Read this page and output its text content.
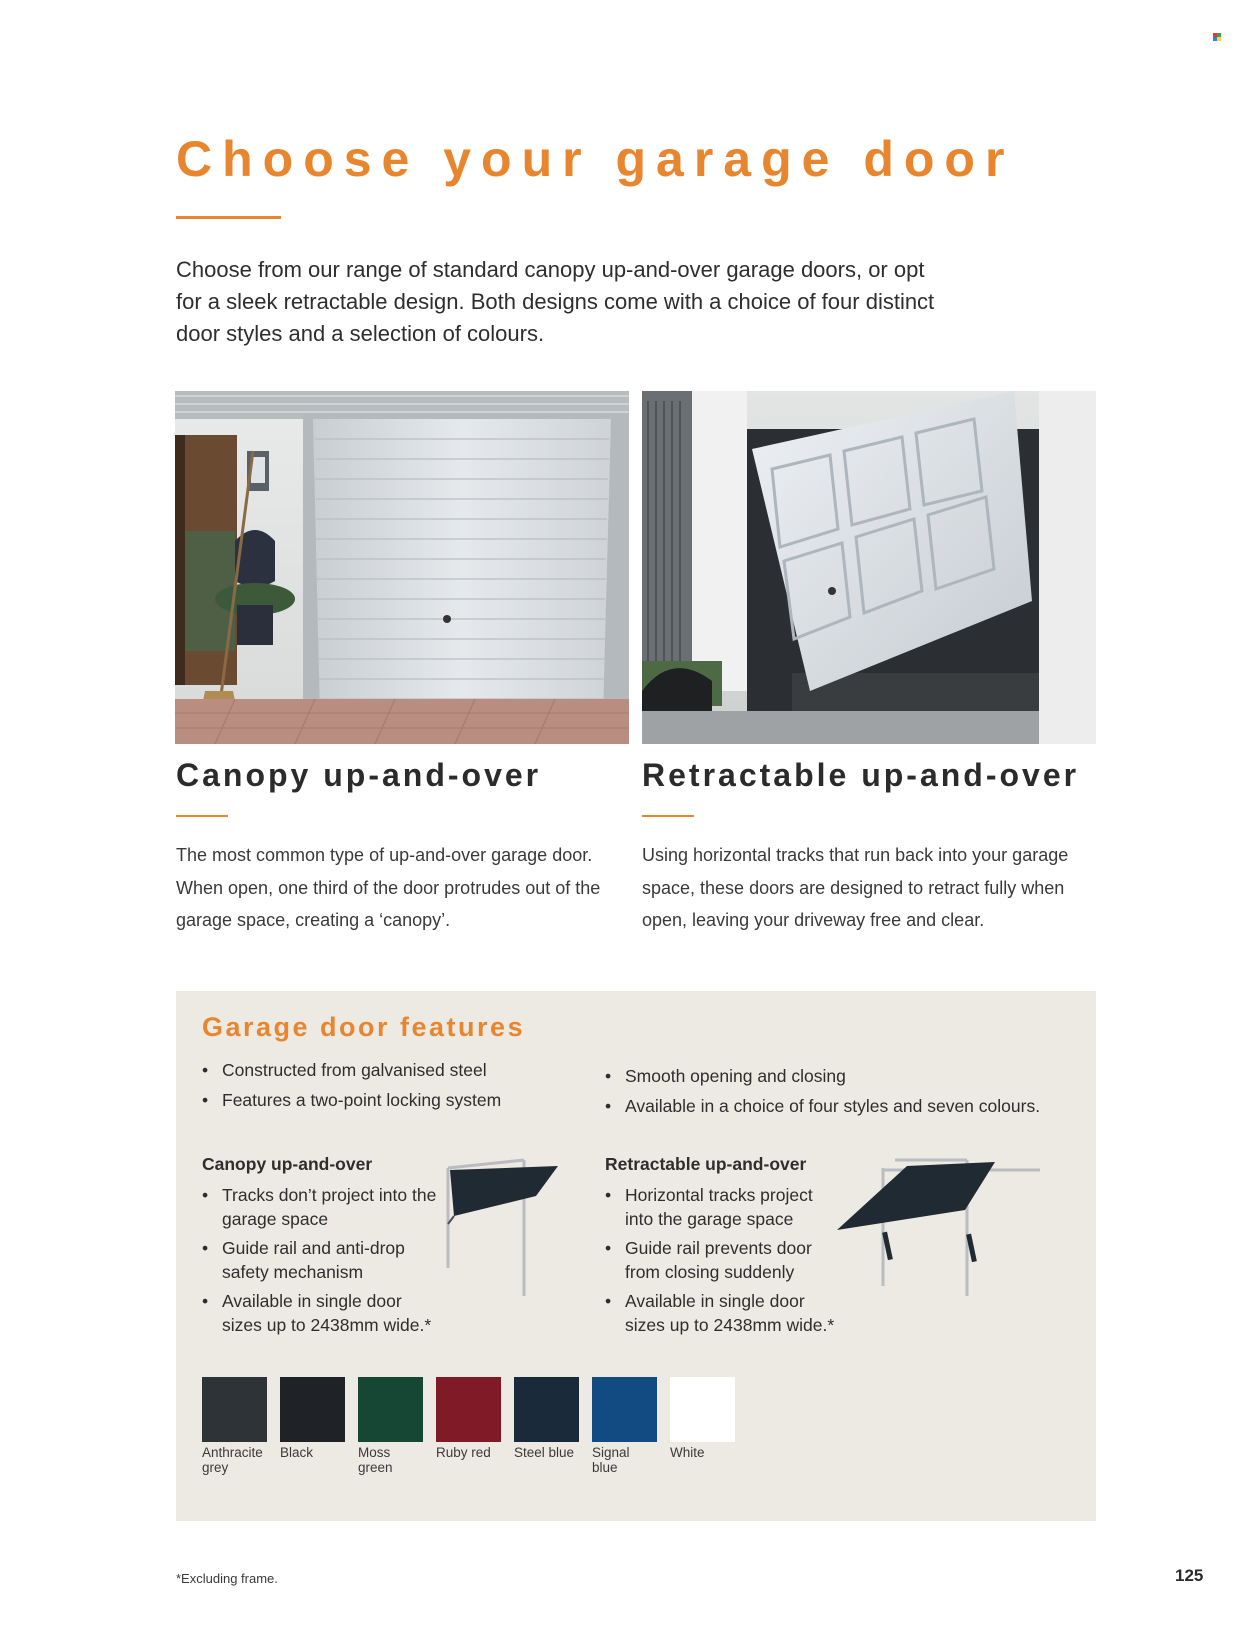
Choose your garage door

Choose from our range of standard canopy up-and-over garage doors, or opt for a sleek retractable design. Both designs come with a choice of four distinct door styles and a selection of colours.

Canopy up-and-over	Retractable up-and-over

The most common type of up-and-over garage door. When open, one third of the door protrudes out of the garage space, creating a ‘canopy’.

Using horizontal tracks that run back into your garage space, these doors are designed to retract fully when open, leaving your driveway free and clear.

Garage door features
• Constructed from galvanised steel
• Features a two-point locking system
• Smooth opening and closing
• Available in a choice of four styles and seven colours.
Canopy up-and-over
• Tracks don’t project into the garage space
• Guide rail and anti-drop safety mechanism
• Available in single door sizes up to 2438mm wide.*
Retractable up-and-over
• Horizontal tracks project into the garage space
• Guide rail prevents door from closing suddenly
• Available in single door sizes up to 2438mm wide.*
Anthracite grey
Black	Moss green
Ruby red	Steel blue	Signal blue
White
*Excluding frame.	125
